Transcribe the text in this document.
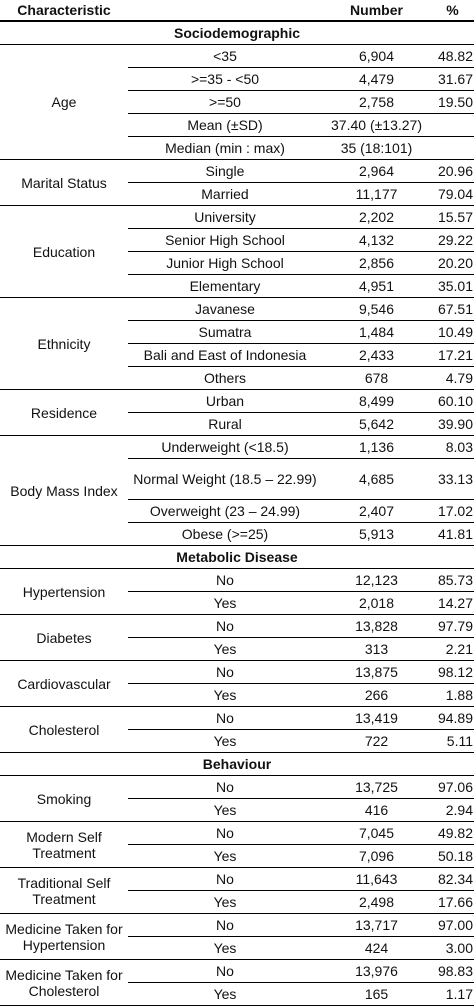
Characteristic		Number	%
Sociodemographic			
Age	<35	6,904	48.82
	>=35 - <50	4,479	31.67
	>=50	2,758	19.50
	Mean (±SD)	37.40 (±13.27)	
	Median (min : max)	35 (18:101)	
Marital Status	Single	2,964	20.96
	Married	11,177	79.04
Education	University	2,202	15.57
	Senior High School	4,132	29.22
	Junior High School	2,856	20.20
	Elementary	4,951	35.01
Ethnicity	Javanese	9,546	67.51
	Sumatra	1,484	10.49
	Bali and East of Indonesia	2,433	17.21
	Others	678	4.79
Residence	Urban	8,499	60.10
	Rural	5,642	39.90
Body Mass Index	Underweight (<18.5)	1,136	8.03
	Normal Weight (18.5 – 22.99)	4,685	33.13
	Overweight (23 – 24.99)	2,407	17.02
	Obese (>=25)	5,913	41.81
Metabolic Disease			
Hypertension	No	12,123	85.73
	Yes	2,018	14.27
Diabetes	No	13,828	97.79
	Yes	313	2.21
Cardiovascular	No	13,875	98.12
	Yes	266	1.88
Cholesterol	No	13,419	94.89
	Yes	722	5.11
Behaviour			
Smoking	No	13,725	97.06
	Yes	416	2.94
Modern Self Treatment	No	7,045	49.82
	Yes	7,096	50.18
Traditional Self Treatment	No	11,643	82.34
	Yes	2,498	17.66
Medicine Taken for Hypertension	No	13,717	97.00
	Yes	424	3.00
Medicine Taken for Cholesterol	No	13,976	98.83
	Yes	165	1.17
